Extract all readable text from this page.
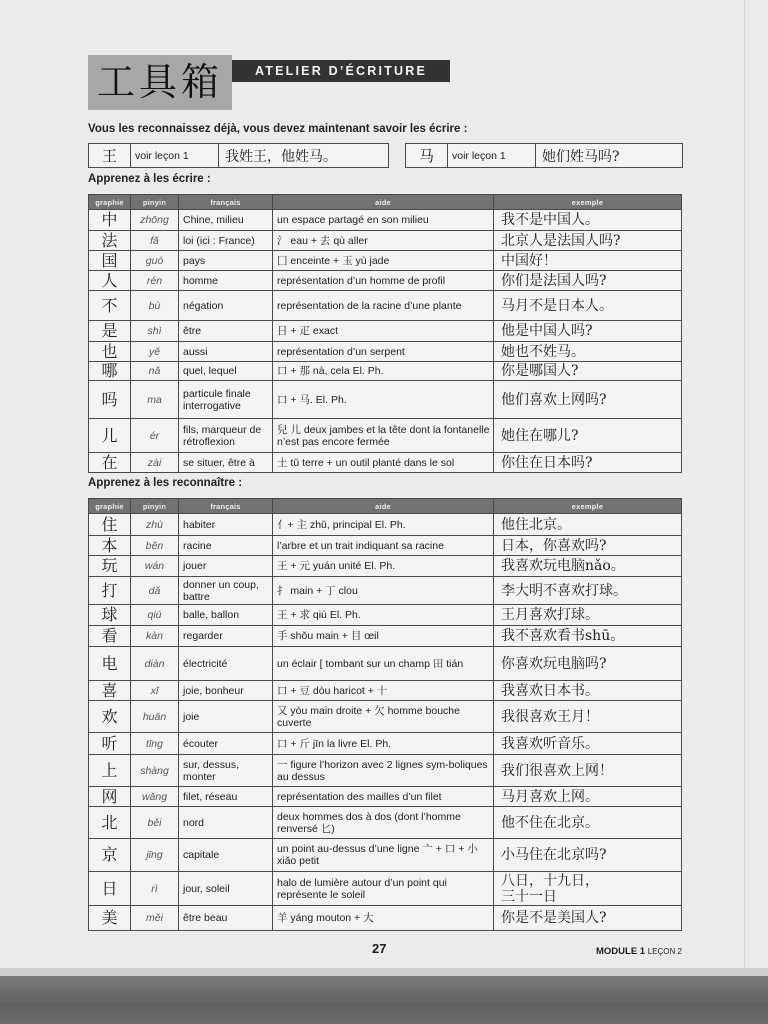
工具箱	ATELIER D’ÉCRITURE
Vous les reconnaissez déjà, vous devez maintenant savoir les écrire :
王	voir leçon 1	我姓王，他姓马。	马	voir leçon 1	她们姓马吗?
Apprenez à les écrire :
graphie	pinyin	français	aide	exemple
中	zhōng	Chine, milieu	un espace partagé en son milieu	我不是中国人。
法	fǎ	loi (ici : France)	氵 eau + 去 qù aller	北京人是法国人吗?
国	guó	pays	囗 enceinte + 玉 yù jade	中国好！
人	rén	homme	représentation d’un homme de profil	你们是法国人吗?
不	bù	négation	représentation de la racine d’une plante	马月不是日本人。
是	shì	être	日 + 疋 exact	他是中国人吗?
也	yě	aussi	représentation d’un serpent	她也不姓马。
哪	nǎ	quel, lequel	口 + 那 nà, cela El. Ph.	你是哪国人?
吗	ma	particule finale interrogative	口 + 马. El. Ph.	他们喜欢上网吗?
儿	ér	fils, marqueur de rétroflexion	兒 儿 deux jambes et la tête dont la fontanelle n’est pas encore fermée	她住在哪儿?
在	zài	se situer, être à	土 tǔ terre + un outil planté dans le sol	你住在日本吗?
Apprenez à les reconnaître :
graphie	pinyin	français	aide	exemple
住	zhù	habiter	亻+ 主 zhǔ, principal El. Ph.	他住北京。
本	běn	racine	l’arbre et un trait indiquant sa racine	日本，你喜欢吗?
玩	wán	jouer	王 + 元 yuán unité El. Ph.	我喜欢玩电脑nǎo。
打	dǎ	donner un coup, battre	扌 main + 丁 clou	李大明不喜欢打球。
球	qiú	balle, ballon	王 + 求 qiú El. Ph.	王月喜欢打球。
看	kàn	regarder	手 shǒu main + 目 œil	我不喜欢看书shū。
电	diàn	électricité	un éclair [ tombant sur un champ 田 tián	你喜欢玩电脑吗?
喜	xǐ	joie, bonheur	口 + 豆 dòu haricot + 十	我喜欢日本书。
欢	huān	joie	又 yòu main droite + 欠 homme bouche cuverte	我很喜欢王月！
听	tīng	écouter	口 + 斤 jīn la livre El. Ph.	我喜欢听音乐。
上	shàng	sur, dessus, monter	一 figure l’horizon avec 2 lignes sym-boliques au dessus	我们很喜欢上网！
网	wǎng	filet, réseau	représentation des mailles d’un filet	马月喜欢上网。
北	běi	nord	deux hommes dos à dos (dont l’homme renversé 匕)	他不住在北京。
京	jīng	capitale	un point au-dessus d’une ligne 亠 + 口 + 小 xiǎo petit	小马住在北京吗?
日	rì	jour, soleil	halo de lumière autour d’un point qui représente le soleil	八日，十九日，
三十一日
美	měi	être beau	羊 yáng mouton + 大	你是不是美国人?
27	MODULE 1 LEÇON 2
